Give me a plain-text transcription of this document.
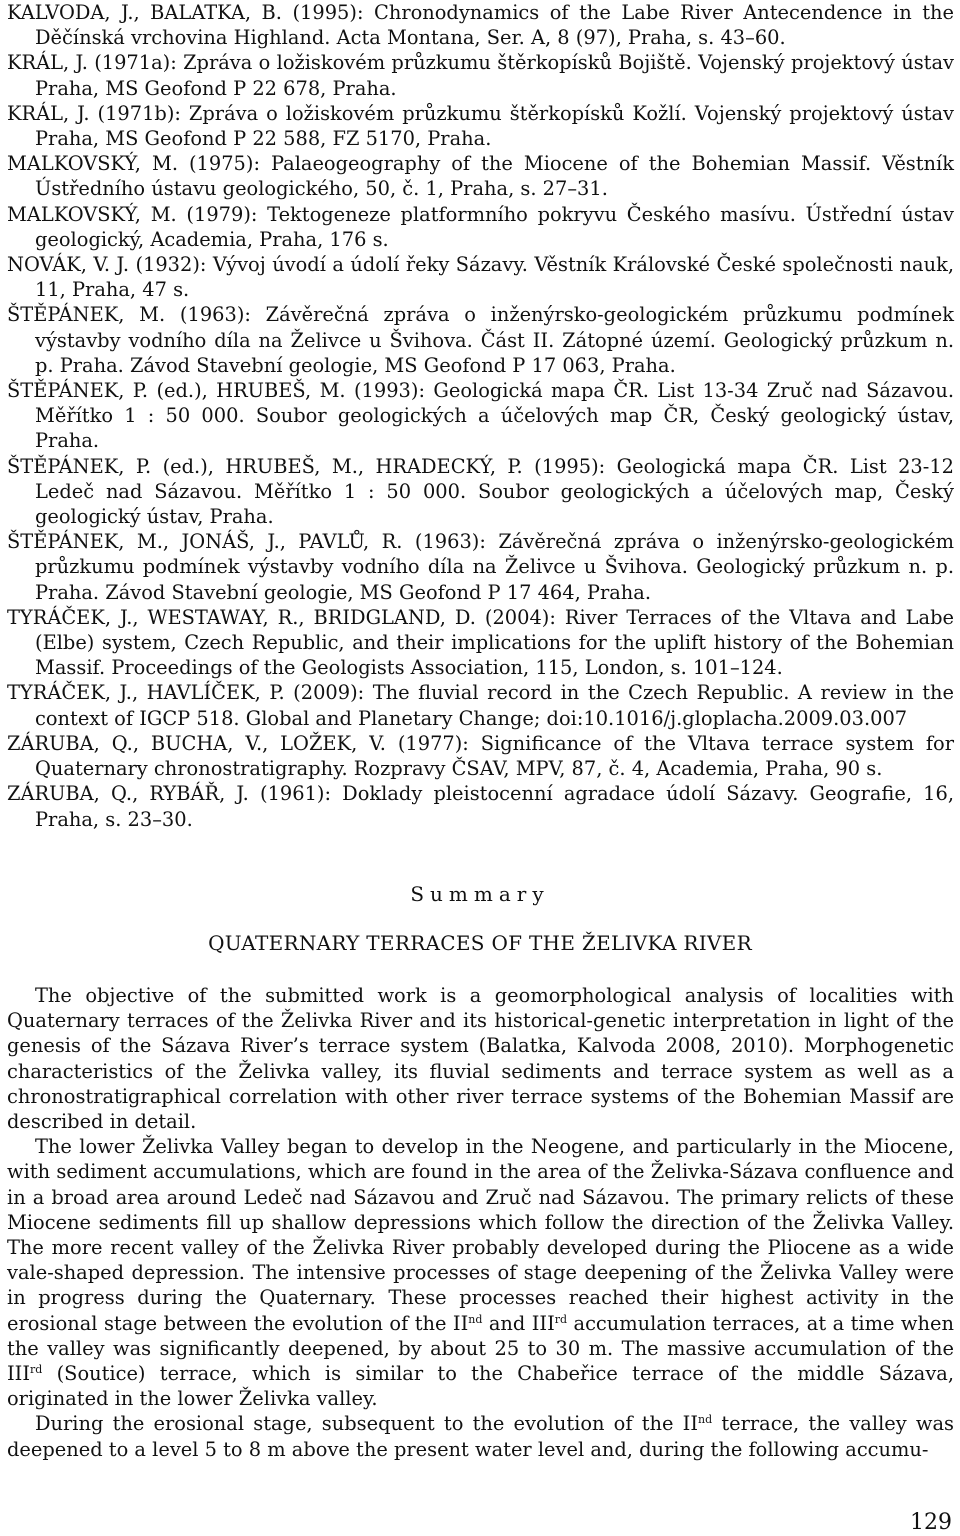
KALVODA, J., BALATKA, B. (1995): Chronodynamics of the Labe River Antecendence in the Děčínská vrchovina Highland. Acta Montana, Ser. A, 8 (97), Praha, s. 43–60.

KRÁL, J. (1971a): Zpráva o ložiskovém průzkumu štěrkopísků Bojiště. Vojenský projektový ústav Praha, MS Geofond P 22 678, Praha.

KRÁL, J. (1971b): Zpráva o ložiskovém průzkumu štěrkopísků Kožlí. Vojenský projektový ústav Praha, MS Geofond P 22 588, FZ 5170, Praha.

MALKOVSKÝ, M. (1975): Palaeogeography of the Miocene of the Bohemian Massif. Věstník Ústředního ústavu geologického, 50, č. 1, Praha, s. 27–31.

MALKOVSKÝ, M. (1979): Tektogeneze platformního pokryvu Českého masívu. Ústřední ústav geologický, Academia, Praha, 176 s.

NOVÁK, V. J. (1932): Vývoj úvodí a údolí řeky Sázavy. Věstník Královské České společnosti nauk, 11, Praha, 47 s.

ŠTĚPÁNEK, M. (1963): Závěrečná zpráva o inženýrsko-geologickém průzkumu podmínek výstavby vodního díla na Želivce u Švihova. Část II. Zátopné území. Geologický průzkum n. p. Praha. Závod Stavební geologie, MS Geofond P 17 063, Praha.

ŠTĚPÁNEK, P. (ed.), HRUBEŠ, M. (1993): Geologická mapa ČR. List 13-34 Zruč nad Sázavou. Měřítko 1 : 50 000. Soubor geologických a účelových map ČR, Český geologický ústav, Praha.

ŠTĚPÁNEK, P. (ed.), HRUBEŠ, M., HRADECKÝ, P. (1995): Geologická mapa ČR. List 23-12 Ledeč nad Sázavou. Měřítko 1 : 50 000. Soubor geologických a účelových map, Český geologický ústav, Praha.

ŠTĚPÁNEK, M., JONÁŠ, J., PAVLŮ, R. (1963): Závěrečná zpráva o inženýrsko-geologickém průzkumu podmínek výstavby vodního díla na Želivce u Švihova. Geologický průzkum n. p. Praha. Závod Stavební geologie, MS Geofond P 17 464, Praha.

TYRÁČEK, J., WESTAWAY, R., BRIDGLAND, D. (2004): River Terraces of the Vltava and Labe (Elbe) system, Czech Republic, and their implications for the uplift history of the Bohemian Massif. Proceedings of the Geologists Association, 115, London, s. 101–124.

TYRÁČEK, J., HAVLÍČEK, P. (2009): The fluvial record in the Czech Republic. A review in the context of IGCP 518. Global and Planetary Change; doi:10.1016/j.gloplacha.2009.03.007

ZÁRUBA, Q., BUCHA, V., LOŽEK, V. (1977): Significance of the Vltava terrace system for Quaternary chronostratigraphy. Rozpravy ČSAV, MPV, 87, č. 4, Academia, Praha, 90 s.

ZÁRUBA, Q., RYBÁŘ, J. (1961): Doklady pleistocenní agradace údolí Sázavy. Geografie, 16, Praha, s. 23–30.

Summary
QUATERNARY TERRACES OF THE ŽELIVKA RIVER

The objective of the submitted work is a geomorphological analysis of localities with Quaternary terraces of the Želivka River and its historical-genetic interpretation in light of the genesis of the Sázava River’s terrace system (Balatka, Kalvoda 2008, 2010). Morphogenetic characteristics of the Želivka valley, its fluvial sediments and terrace system as well as a chronostratigraphical correlation with other river terrace systems of the Bohemian Massif are described in detail.

The lower Želivka Valley began to develop in the Neogene, and particularly in the Miocene, with sediment accumulations, which are found in the area of the Želivka-Sázava confluence and in a broad area around Ledeč nad Sázavou and Zruč nad Sázavou. The primary relicts of these Miocene sediments fill up shallow depressions which follow the direction of the Želivka Valley. The more recent valley of the Želivka River probably developed during the Pliocene as a wide vale-shaped depression. The intensive processes of stage deepening of the Želivka Valley were in progress during the Quaternary. These processes reached their highest activity in the erosional stage between the evolution of the IInd and IIIrd accumulation terraces, at a time when the valley was significantly deepened, by about 25 to 30 m. The massive accumulation of the IIIrd (Soutice) terrace, which is similar to the Chabeřice terrace of the middle Sázava, originated in the lower Želivka valley.

During the erosional stage, subsequent to the evolution of the IInd terrace, the valley was deepened to a level 5 to 8 m above the present water level and, during the following accumu-

129
